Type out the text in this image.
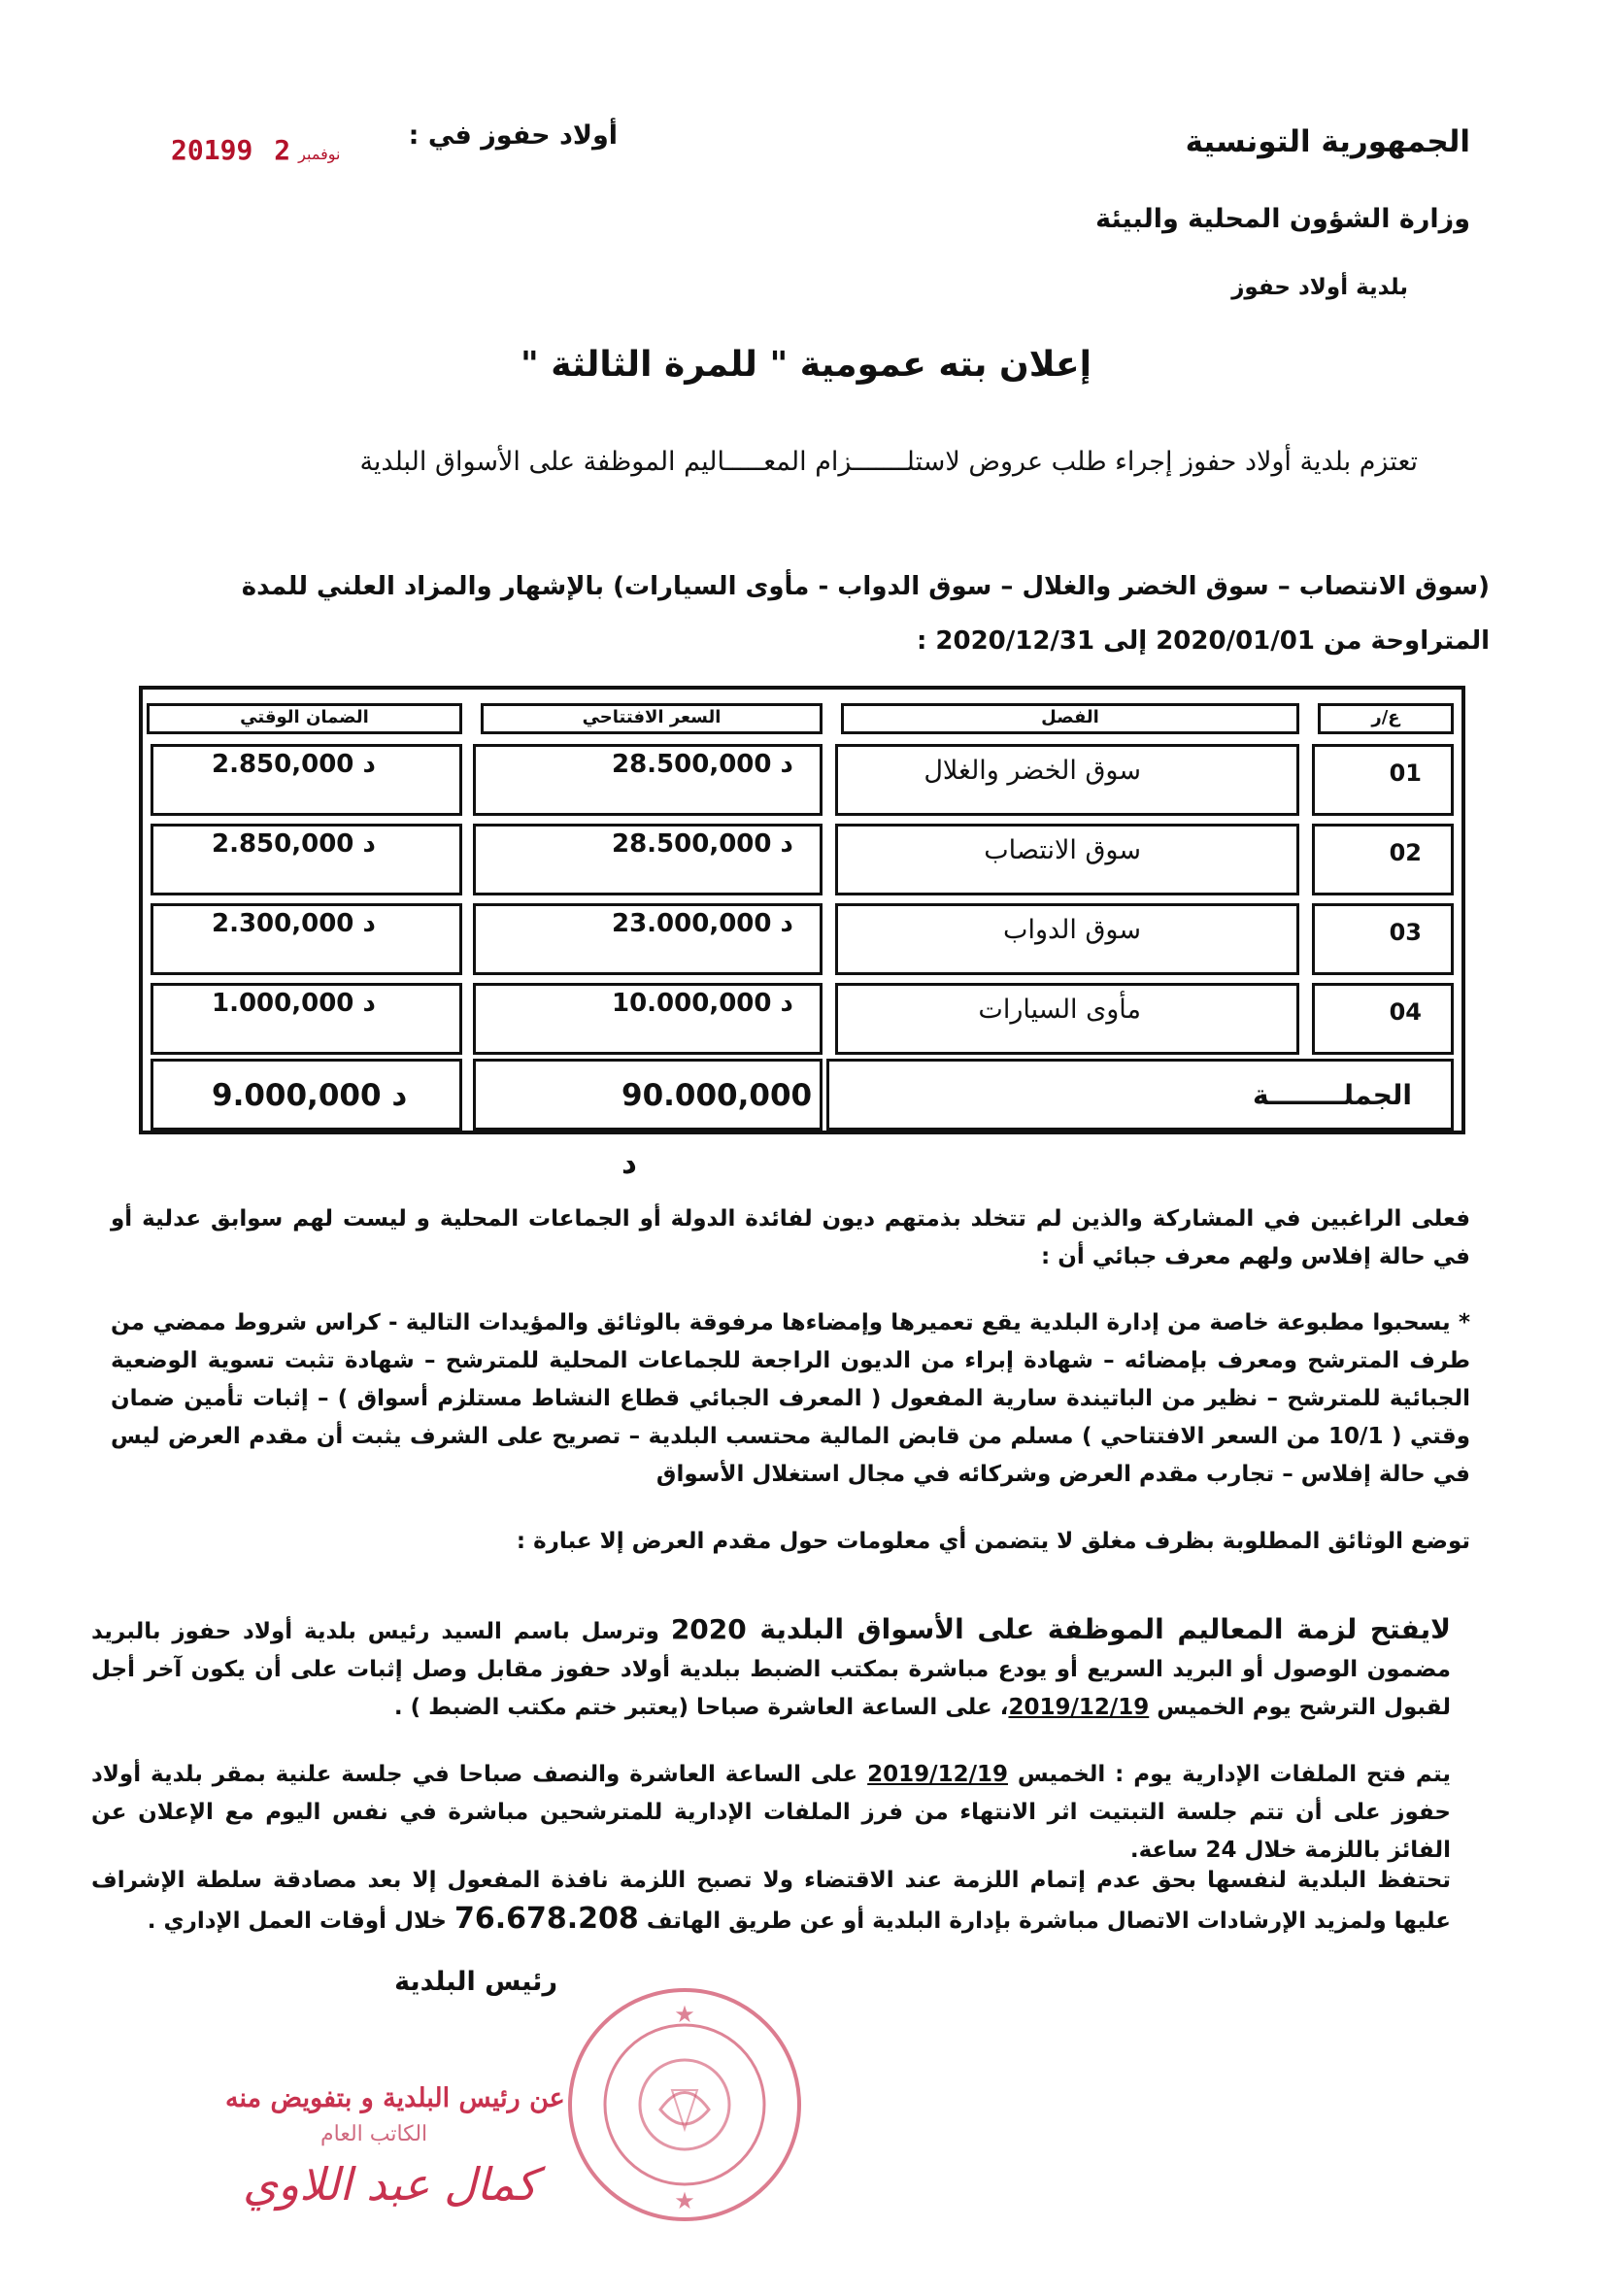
الجمهورية التونسية
وزارة الشؤون المحلية والبيئة
بلدية أولاد حفوز
أولاد حفوز في :
2019	نوفمبر29
إعلان بته عمومية " للمرة الثالثة "
تعتزم بلدية أولاد حفوز إجراء طلب عروض لاستلـــــــزام المعـــــاليم الموظفة على الأسواق البلدية
(سوق الانتصاب – سوق الخضر والغلال – سوق الدواب - مأوى السيارات) بالإشهار والمزاد العلني للمدة المتراوحة من 2020/01/01 إلى 2020/12/31 :
ع/ر
الفصل
السعر الافتتاحي
الضمان الوقتي
01
سوق الخضر والغلال
28.500,000 د
2.850,000 د
02
سوق الانتصاب
28.500,000 د
2.850,000 د
03
سوق الدواب
23.000,000 د
2.300,000 د
04
مأوى السيارات
10.000,000 د
1.000,000 د
الجملــــــــة
90.000,000 د
9.000,000 د
فعلى الراغبين في المشاركة والذين لم تتخلد بذمتهم ديون لفائدة الدولة أو الجماعات المحلية و ليست لهم سوابق عدلية أو في حالة إفلاس ولهم معرف جبائي أن :
* يسحبوا مطبوعة خاصة من إدارة البلدية يقع تعميرها وإمضاءها مرفوقة بالوثائق والمؤيدات التالية - كراس شروط ممضي من طرف المترشح ومعرف بإمضائه – شهادة إبراء من الديون الراجعة للجماعات المحلية للمترشح – شهادة تثبت تسوية الوضعية الجبائية للمترشح – نظير من الباتيندة سارية المفعول ( المعرف الجبائي قطاع النشاط مستلزم أسواق ) – إثبات تأمين ضمان وقتي ( 10/1 من السعر الافتتاحي ) مسلم من قابض المالية محتسب البلدية – تصريح على الشرف يثبت أن مقدم العرض ليس في حالة إفلاس – تجارب مقدم العرض وشركائه في مجال استغلال الأسواق
توضع الوثائق المطلوبة بظرف مغلق لا يتضمن أي معلومات حول مقدم العرض إلا عبارة :
لايفتح لزمة المعاليم الموظفة على الأسواق البلدية 2020 وترسل باسم السيد رئيس بلدية أولاد حفوز بالبريد مضمون الوصول أو البريد السريع أو يودع مباشرة بمكتب الضبط ببلدية أولاد حفوز مقابل وصل إثبات على أن يكون آخر أجل لقبول الترشح يوم الخميس 2019/12/19، على الساعة العاشرة صباحا (يعتبر ختم مكتب الضبط ) .
يتم فتح الملفات الإدارية يوم : الخميس 2019/12/19 على الساعة العاشرة والنصف صباحا في جلسة علنية بمقر بلدية أولاد حفوز على أن تتم جلسة التبتيت اثر الانتهاء من فرز الملفات الإدارية للمترشحين مباشرة في نفس اليوم مع الإعلان عن الفائز باللزمة خلال 24 ساعة.
تحتفظ البلدية لنفسها بحق عدم إتمام اللزمة عند الاقتضاء ولا تصبح اللزمة نافذة المفعول إلا بعد مصادقة سلطة الإشراف عليها ولمزيد الإرشادات الاتصال مباشرة بإدارة البلدية أو عن طريق الهاتف 76.678.208 خلال أوقات العمل الإداري .
رئيس البلدية
★
★
عن رئيس البلدية و بتفويض منه
الكاتب العام
كمال عبد اللاوي
